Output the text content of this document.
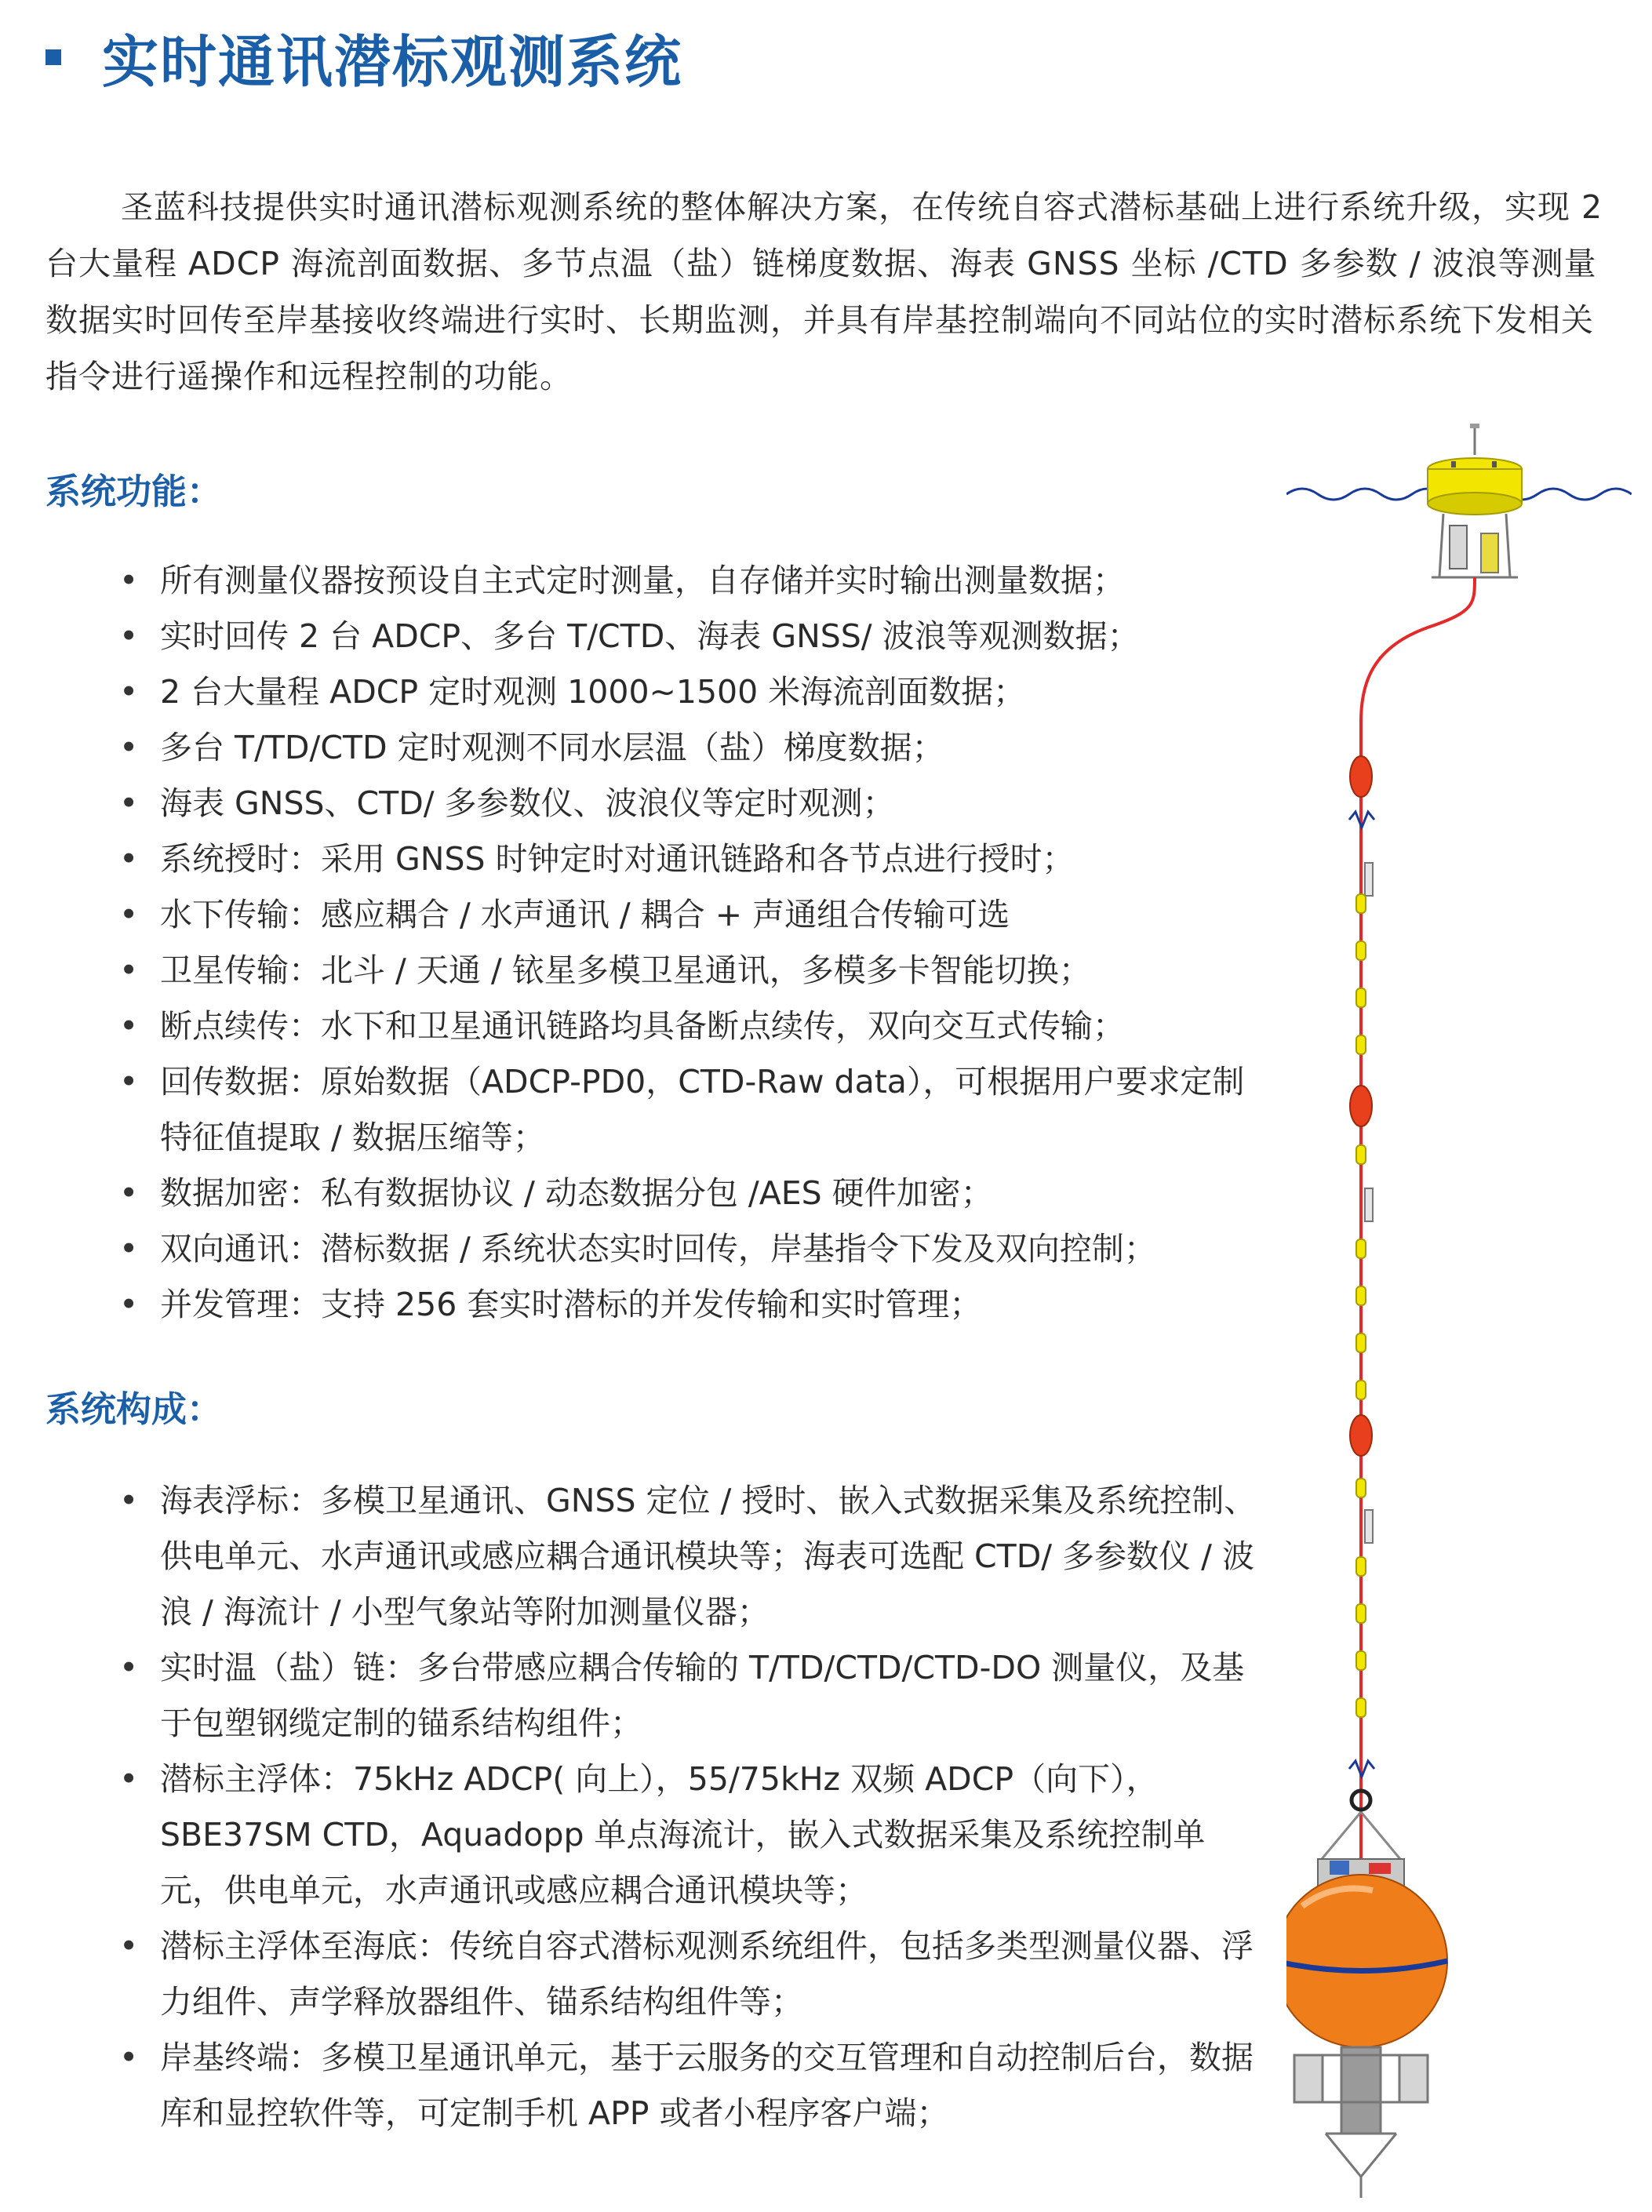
实时通讯潜标观测系统
圣蓝科技提供实时通讯潜标观测系统的整体解决方案，在传统自容式潜标基础上进行系统升级，实现 2 台大量程 ADCP 海流剖面数据、多节点温（盐）链梯度数据、海表 GNSS 坐标 /CTD 多参数 / 波浪等测量数据实时回传至岸基接收终端进行实时、长期监测，并具有岸基控制端向不同站位的实时潜标系统下发相关指令进行遥操作和远程控制的功能。
系统功能：
• 所有测量仪器按预设自主式定时测量，自存储并实时输出测量数据；
• 实时回传 2 台 ADCP、多台 T/CTD、海表 GNSS/ 波浪等观测数据；
• 2 台大量程 ADCP 定时观测 1000~1500 米海流剖面数据；
• 多台 T/TD/CTD 定时观测不同水层温（盐）梯度数据；
• 海表 GNSS、CTD/ 多参数仪、波浪仪等定时观测；
• 系统授时：采用 GNSS 时钟定时对通讯链路和各节点进行授时；
• 水下传输：感应耦合 / 水声通讯 / 耦合 + 声通组合传输可选
• 卫星传输：北斗 / 天通 / 铱星多模卫星通讯，多模多卡智能切换；
• 断点续传：水下和卫星通讯链路均具备断点续传，双向交互式传输；
• 回传数据：原始数据（ADCP-PD0，CTD-Raw data），可根据用户要求定制特征值提取 / 数据压缩等；
• 数据加密：私有数据协议 / 动态数据分包 /AES 硬件加密；
• 双向通讯：潜标数据 / 系统状态实时回传，岸基指令下发及双向控制；
• 并发管理：支持 256 套实时潜标的并发传输和实时管理；
系统构成：
• 海表浮标：多模卫星通讯、GNSS 定位 / 授时、嵌入式数据采集及系统控制、供电单元、水声通讯或感应耦合通讯模块等；海表可选配 CTD/ 多参数仪 / 波浪 / 海流计 / 小型气象站等附加测量仪器；
• 实时温（盐）链：多台带感应耦合传输的 T/TD/CTD/CTD-DO 测量仪，及基于包塑钢缆定制的锚系结构组件；
• 潜标主浮体：75kHz ADCP( 向上），55/75kHz 双频 ADCP（向下），SBE37SM CTD，Aquadopp 单点海流计，嵌入式数据采集及系统控制单元，供电单元，水声通讯或感应耦合通讯模块等；
• 潜标主浮体至海底：传统自容式潜标观测系统组件，包括多类型测量仪器、浮力组件、声学释放器组件、锚系结构组件等；
• 岸基终端：多模卫星通讯单元，基于云服务的交互管理和自动控制后台，数据库和显控软件等，可定制手机 APP 或者小程序客户端；
